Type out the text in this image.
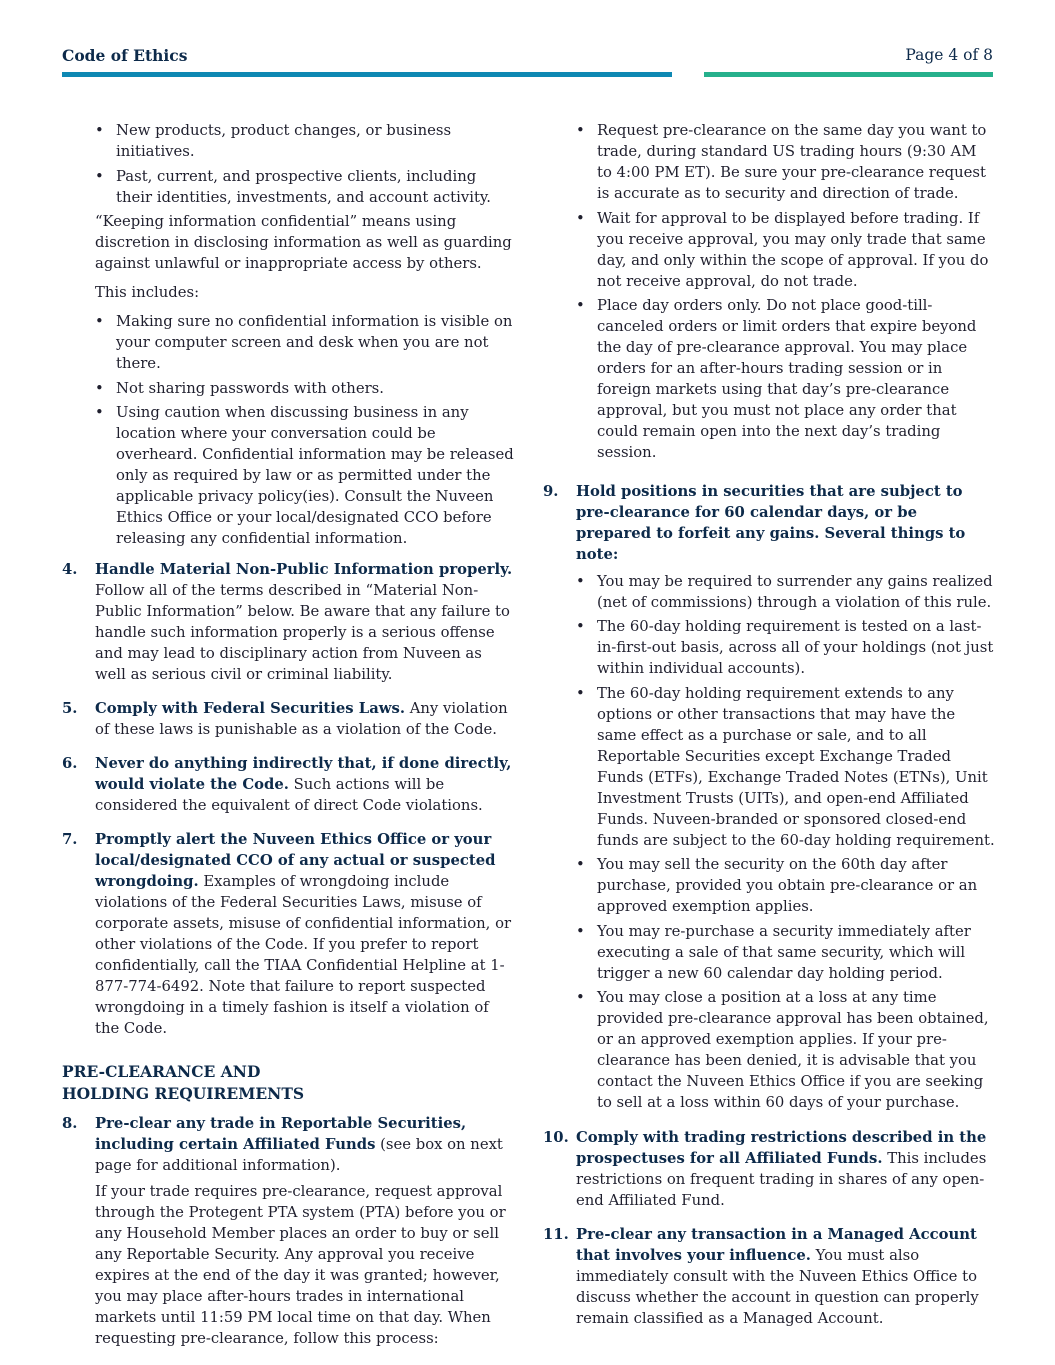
Code of Ethics	Page 4 of 8
• New products, product changes, or business initiatives.
• Past, current, and prospective clients, including their identities, investments, and account activity.

“Keeping information confidential” means using discretion in disclosing information as well as guarding against unlawful or inappropriate access by others.

This includes:

• Making sure no confidential information is visible on your computer screen and desk when you are not there.
• Not sharing passwords with others.
• Using caution when discussing business in any location where your conversation could be overheard. Confidential information may be released only as required by law or as permitted under the applicable privacy policy(ies). Consult the Nuveen Ethics Office or your local/designated CCO before releasing any confidential information.
4. Handle Material Non-Public Information properly. Follow all of the terms described in “Material Non-Public Information” below. Be aware that any failure to handle such information properly is a serious offense and may lead to disciplinary action from Nuveen as well as serious civil or criminal liability.
5. Comply with Federal Securities Laws. Any violation of these laws is punishable as a violation of the Code.
6. Never do anything indirectly that, if done directly, would violate the Code. Such actions will be considered the equivalent of direct Code violations.
7. Promptly alert the Nuveen Ethics Office or your local/designated CCO of any actual or suspected wrongdoing. Examples of wrongdoing include violations of the Federal Securities Laws, misuse of corporate assets, misuse of confidential information, or other violations of the Code. If you prefer to report confidentially, call the TIAA Confidential Helpline at 1-877-774-6492. Note that failure to report suspected wrongdoing in a timely fashion is itself a violation of the Code.
PRE-CLEARANCE AND
HOLDING REQUIREMENTS
8. Pre-clear any trade in Reportable Securities, including certain Affiliated Funds (see box on next page for additional information).

If your trade requires pre-clearance, request approval through the Protegent PTA system (PTA) before you or any Household Member places an order to buy or sell any Reportable Security. Any approval you receive expires at the end of the day it was granted; however, you may place after-hours trades in international markets until 11:59 PM local time on that day. When requesting pre-clearance, follow this process:

• Request pre-clearance on the same day you want to trade, during standard US trading hours (9:30 AM to 4:00 PM ET). Be sure your pre-clearance request is accurate as to security and direction of trade.
• Wait for approval to be displayed before trading. If you receive approval, you may only trade that same day, and only within the scope of approval. If you do not receive approval, do not trade.
• Place day orders only. Do not place good-till-canceled orders or limit orders that expire beyond the day of pre-clearance approval. You may place orders for an after-hours trading session or in foreign markets using that day’s pre-clearance approval, but you must not place any order that could remain open into the next day’s trading session.
9. Hold positions in securities that are subject to pre-clearance for 60 calendar days, or be prepared to forfeit any gains. Several things to note:
• You may be required to surrender any gains realized (net of commissions) through a violation of this rule.
• The 60-day holding requirement is tested on a last-in-first-out basis, across all of your holdings (not just within individual accounts).
• The 60-day holding requirement extends to any options or other transactions that may have the same effect as a purchase or sale, and to all Reportable Securities except Exchange Traded Funds (ETFs), Exchange Traded Notes (ETNs), Unit Investment Trusts (UITs), and open-end Affiliated Funds. Nuveen-branded or sponsored closed-end funds are subject to the 60-day holding requirement.
• You may sell the security on the 60th day after purchase, provided you obtain pre-clearance or an approved exemption applies.
• You may re-purchase a security immediately after executing a sale of that same security, which will trigger a new 60 calendar day holding period.
• You may close a position at a loss at any time provided pre-clearance approval has been obtained, or an approved exemption applies. If your pre-clearance has been denied, it is advisable that you contact the Nuveen Ethics Office if you are seeking to sell at a loss within 60 days of your purchase.
10. Comply with trading restrictions described in the prospectuses for all Affiliated Funds. This includes restrictions on frequent trading in shares of any open-end Affiliated Fund.
11. Pre-clear any transaction in a Managed Account that involves your influence. You must also immediately consult with the Nuveen Ethics Office to discuss whether the account in question can properly remain classified as a Managed Account.
